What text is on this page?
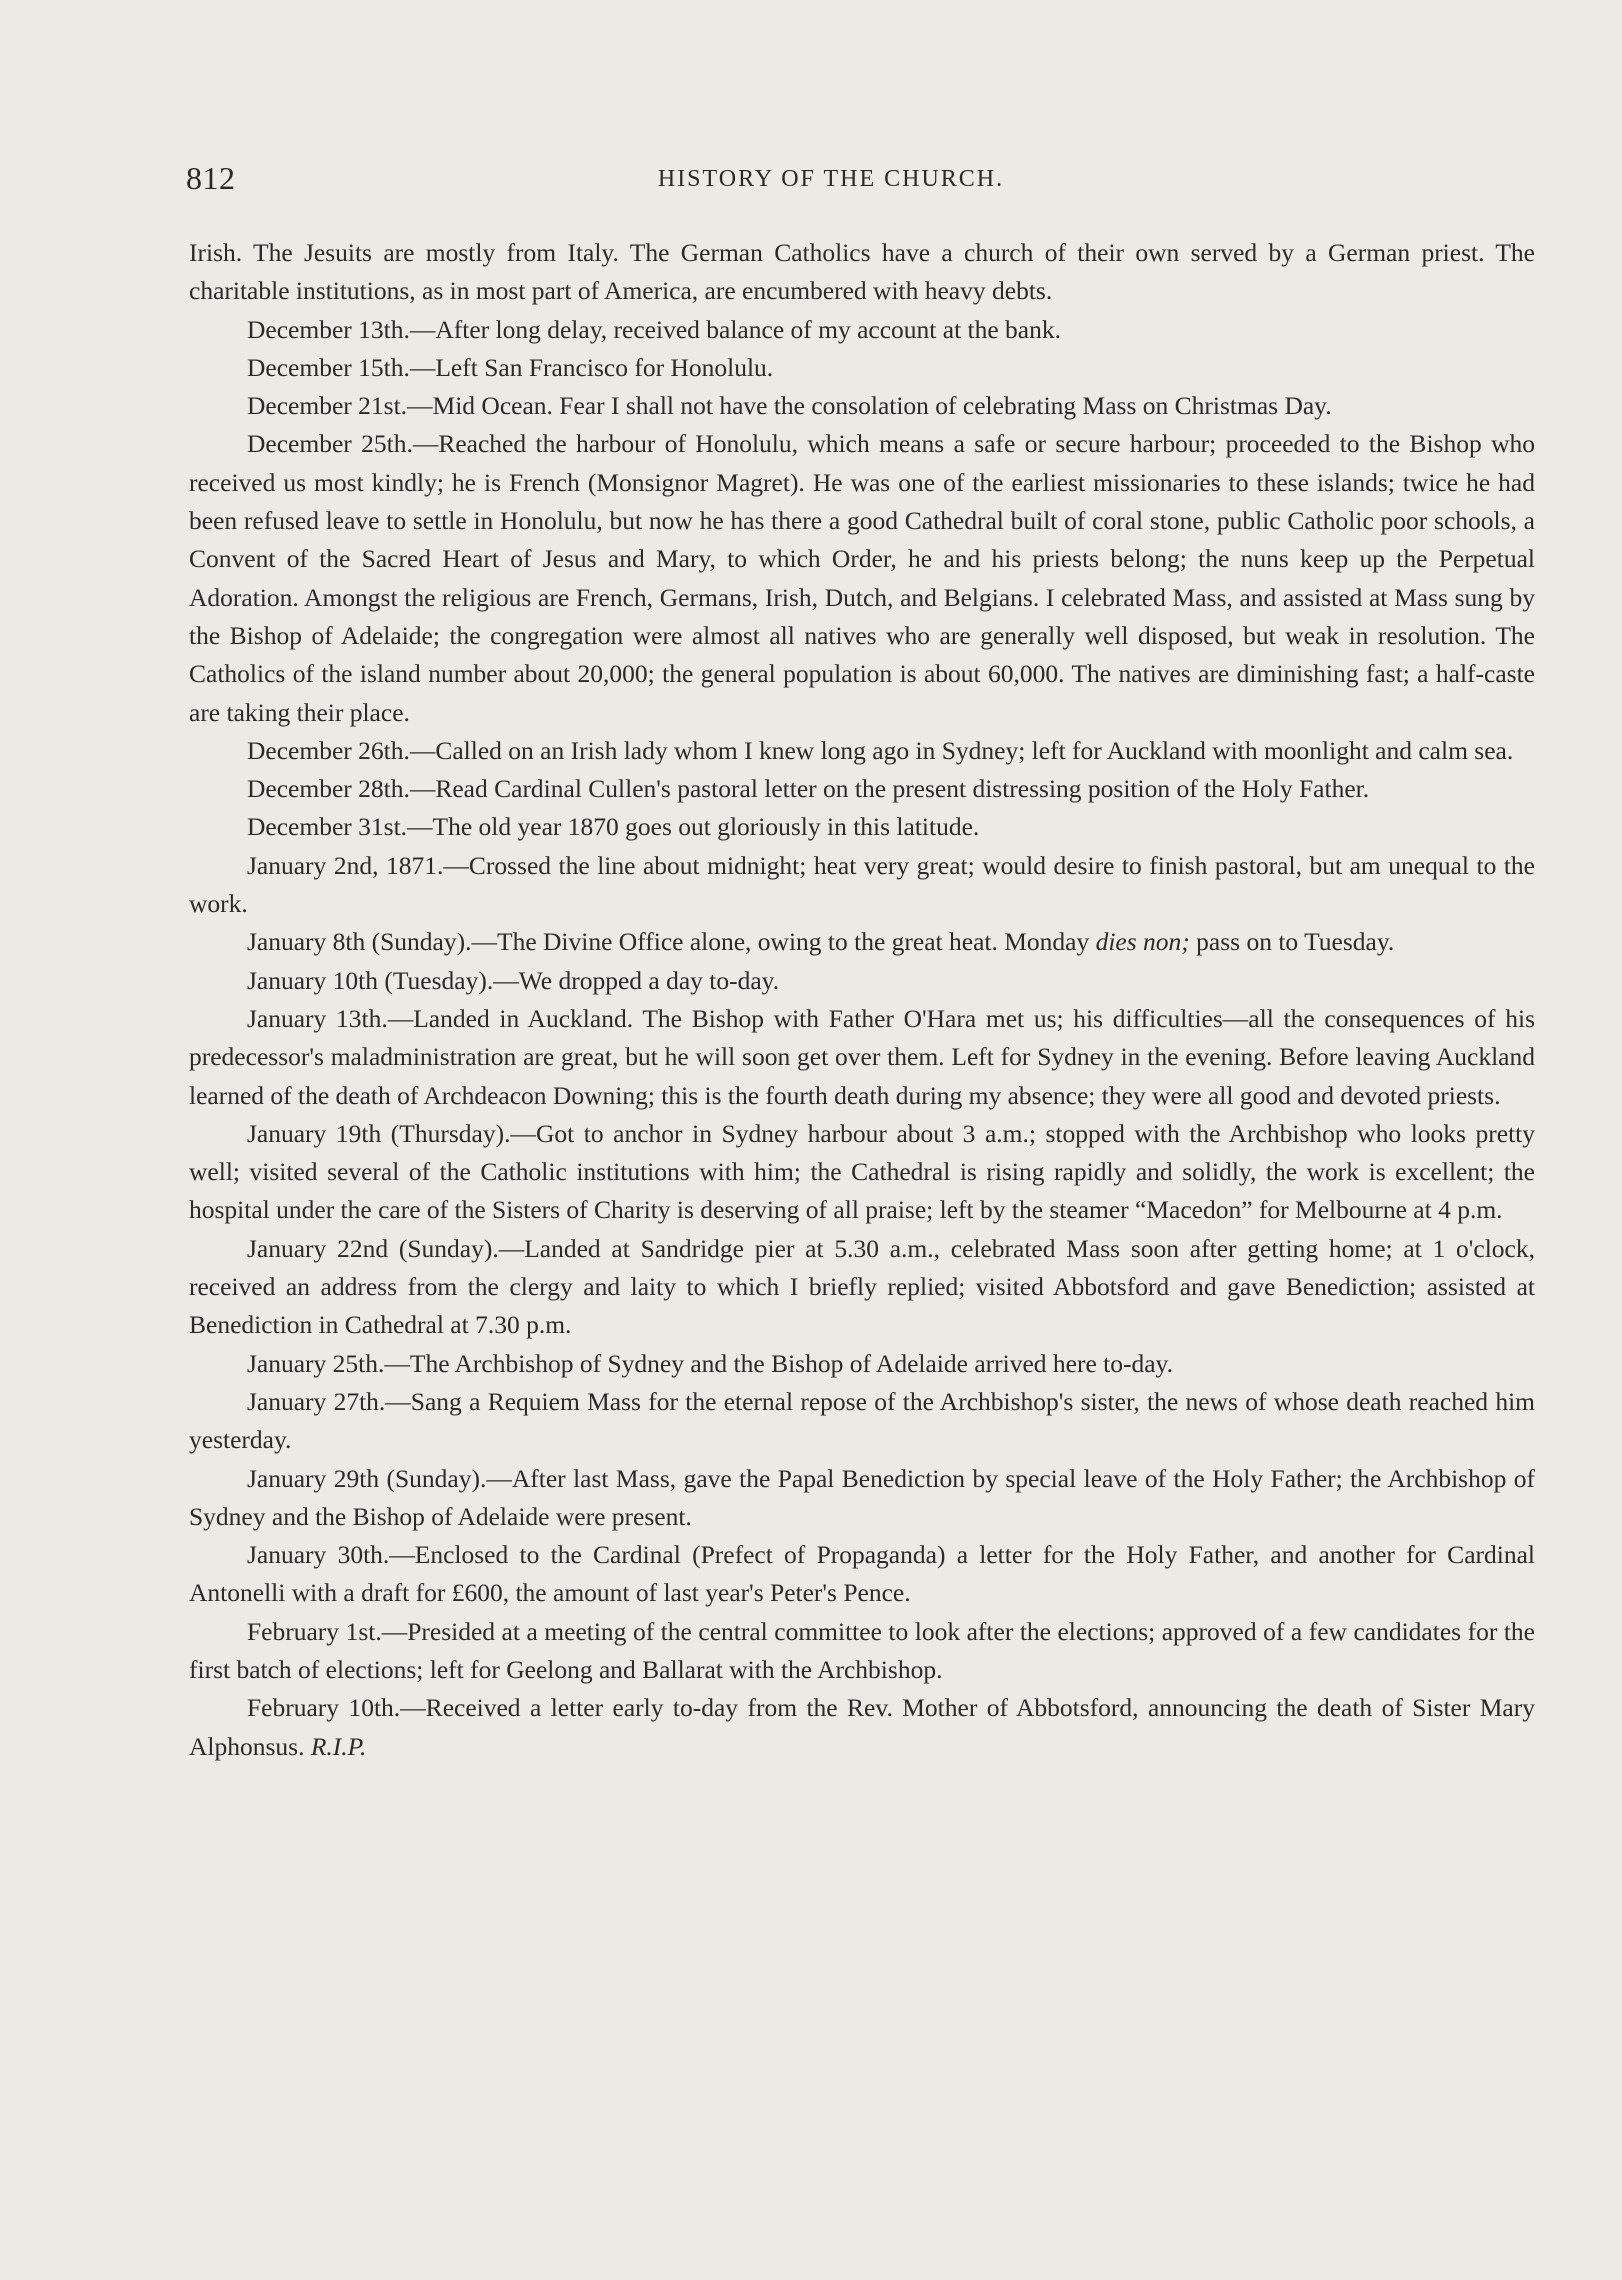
812	HISTORY OF THE CHURCH.

Irish. The Jesuits are mostly from Italy. The German Catholics have a church of their own served by a German priest. The charitable institutions, as in most part of America, are encumbered with heavy debts.

December 13th.—After long delay, received balance of my account at the bank.

December 15th.—Left San Francisco for Honolulu.

December 21st.—Mid Ocean. Fear I shall not have the consolation of celebrating Mass on Christmas Day.

December 25th.—Reached the harbour of Honolulu, which means a safe or secure harbour; proceeded to the Bishop who received us most kindly; he is French (Monsignor Magret). He was one of the earliest missionaries to these islands; twice he had been refused leave to settle in Honolulu, but now he has there a good Cathedral built of coral stone, public Catholic poor schools, a Convent of the Sacred Heart of Jesus and Mary, to which Order, he and his priests belong; the nuns keep up the Perpetual Adoration. Amongst the religious are French, Germans, Irish, Dutch, and Belgians. I celebrated Mass, and assisted at Mass sung by the Bishop of Adelaide; the congregation were almost all natives who are generally well disposed, but weak in resolution. The Catholics of the island number about 20,000; the general population is about 60,000. The natives are diminishing fast; a half-caste are taking their place.

December 26th.—Called on an Irish lady whom I knew long ago in Sydney; left for Auckland with moonlight and calm sea.

December 28th.—Read Cardinal Cullen's pastoral letter on the present distressing position of the Holy Father.

December 31st.—The old year 1870 goes out gloriously in this latitude.

January 2nd, 1871.—Crossed the line about midnight; heat very great; would desire to finish pastoral, but am unequal to the work.

January 8th (Sunday).—The Divine Office alone, owing to the great heat. Monday dies non; pass on to Tuesday.

January 10th (Tuesday).—We dropped a day to-day.

January 13th.—Landed in Auckland. The Bishop with Father O'Hara met us; his difficulties—all the consequences of his predecessor's maladministration are great, but he will soon get over them. Left for Sydney in the evening. Before leaving Auckland learned of the death of Archdeacon Downing; this is the fourth death during my absence; they were all good and devoted priests.

January 19th (Thursday).—Got to anchor in Sydney harbour about 3 a.m.; stopped with the Archbishop who looks pretty well; visited several of the Catholic institutions with him; the Cathedral is rising rapidly and solidly, the work is excellent; the hospital under the care of the Sisters of Charity is deserving of all praise; left by the steamer “Macedon” for Melbourne at 4 p.m.

January 22nd (Sunday).—Landed at Sandridge pier at 5.30 a.m., celebrated Mass soon after getting home; at 1 o'clock, received an address from the clergy and laity to which I briefly replied; visited Abbotsford and gave Benediction; assisted at Benediction in Cathedral at 7.30 p.m.

January 25th.—The Archbishop of Sydney and the Bishop of Adelaide arrived here to-day.

January 27th.—Sang a Requiem Mass for the eternal repose of the Archbishop's sister, the news of whose death reached him yesterday.

January 29th (Sunday).—After last Mass, gave the Papal Benediction by special leave of the Holy Father; the Archbishop of Sydney and the Bishop of Adelaide were present.

January 30th.—Enclosed to the Cardinal (Prefect of Propaganda) a letter for the Holy Father, and another for Cardinal Antonelli with a draft for £600, the amount of last year's Peter's Pence.

February 1st.—Presided at a meeting of the central committee to look after the elections; approved of a few candidates for the first batch of elections; left for Geelong and Ballarat with the Archbishop.

February 10th.—Received a letter early to-day from the Rev. Mother of Abbotsford, announcing the death of Sister Mary Alphonsus. R.I.P.
